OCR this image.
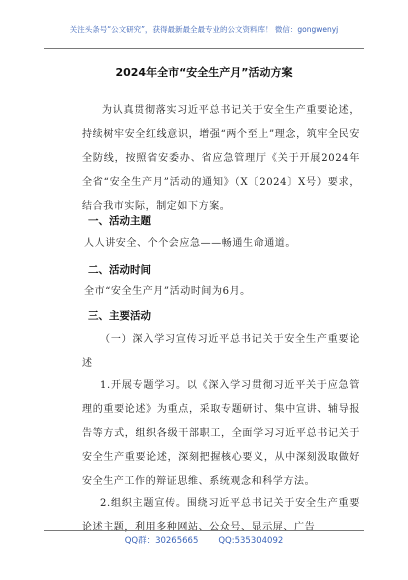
关注头条号“公文研究”，获得最新最全最专业的公文资料库！ 微信：gongwenyj
2024年全市“安全生产月”活动方案
为认真贯彻落实习近平总书记关于安全生产重要论述，持续树牢安全红线意识，增强“两个至上”理念，筑牢全民安全防线，按照省安委办、省应急管理厅《关于开展2024年全省“安全生产月”活动的通知》（X〔2024〕X号）要求，结合我市实际，制定如下方案。
一、活动主题
人人讲安全、个个会应急——畅通生命通道。
二、活动时间
全市“安全生产月”活动时间为6月。
三、主要活动
（一）深入学习宣传习近平总书记关于安全生产重要论述
1.开展专题学习。以《深入学习贯彻习近平关于应急管理的重要论述》为重点，采取专题研讨、集中宣讲、辅导报告等方式，组织各级干部职工，全面学习习近平总书记关于安全生产重要论述，深刻把握核心要义，从中深刻汲取做好安全生产工作的辩证思维、系统观念和科学方法。
2.组织主题宣传。围绕习近平总书记关于安全生产重要论述主题，利用多种网站、公众号、显示屏、广告
QQ群：30265665 QQ:535304092
